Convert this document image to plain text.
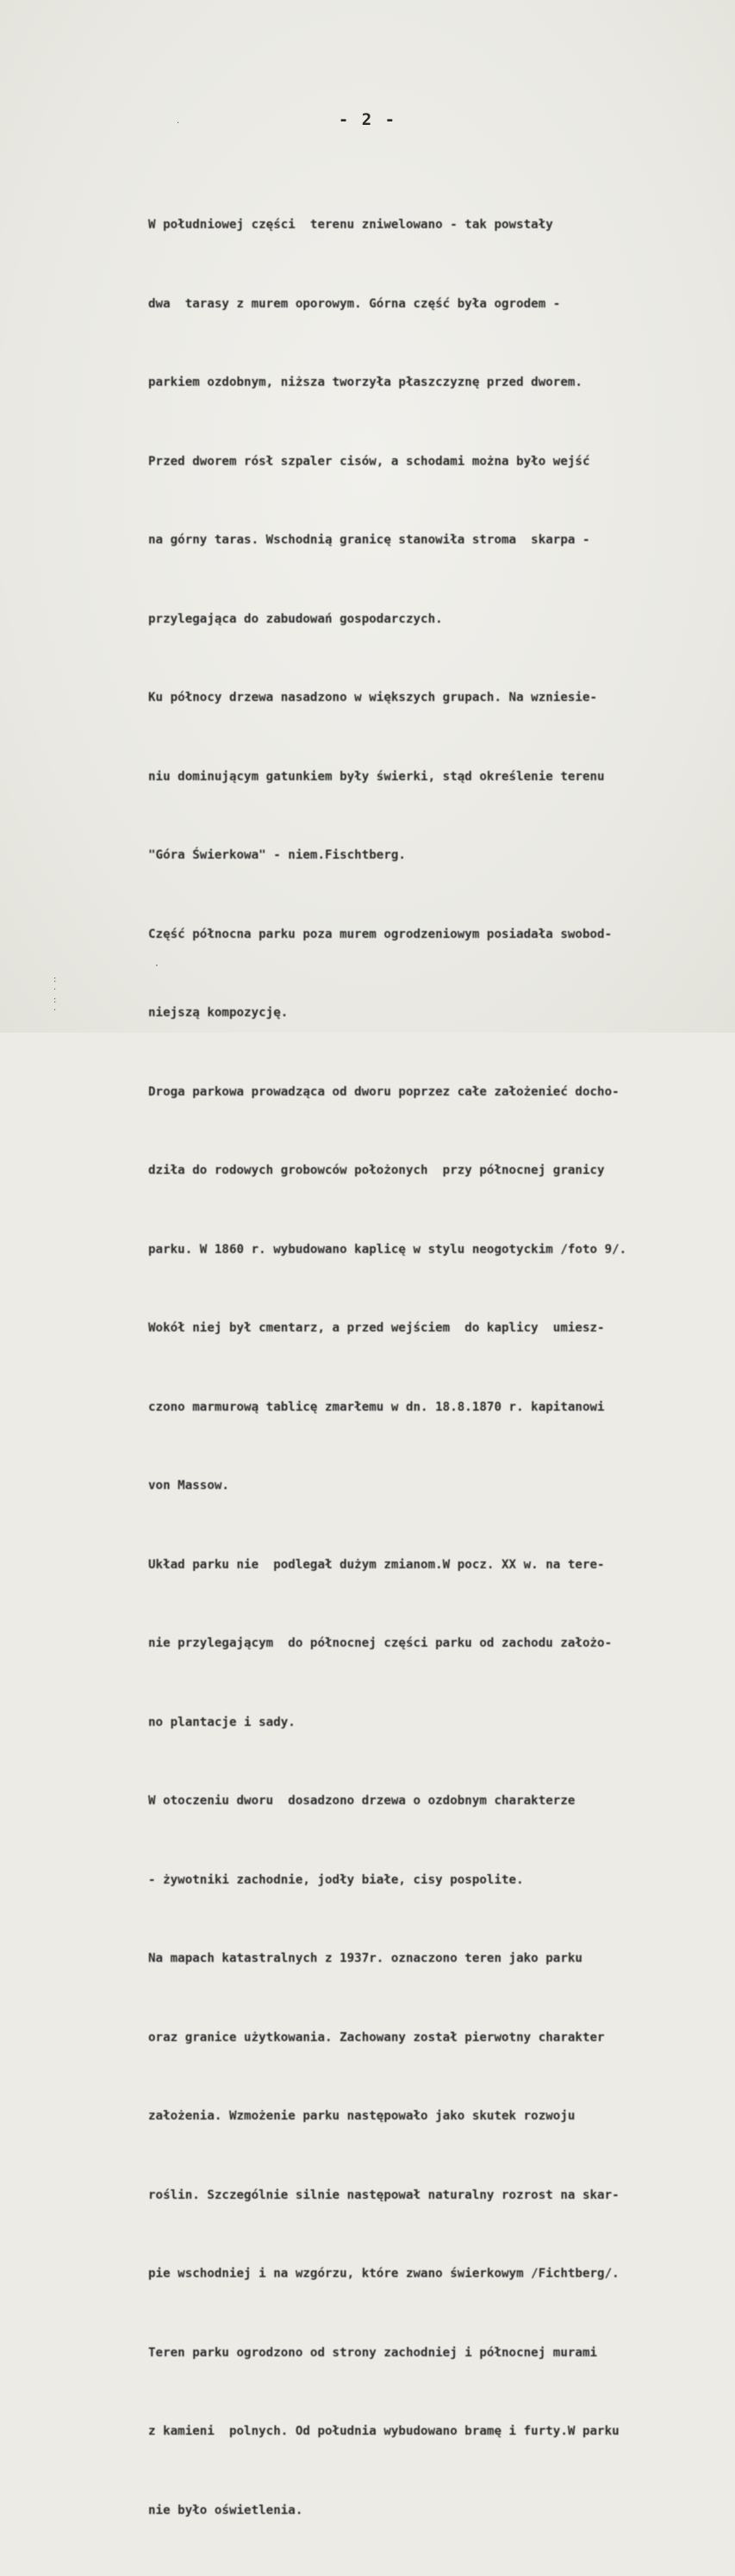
- 2 -

W południowej części  terenu zniwelowano - tak powstały

dwa  tarasy z murem oporowym. Górna część była ogrodem -

parkiem ozdobnym, niższa tworzyła płaszczyznę przed dworem.

Przed dworem rósł szpaler cisów, a schodami można było wejść

na górny taras. Wschodnią granicę stanowiła stroma  skarpa -

przylegająca do zabudowań gospodarczych.

Ku północy drzewa nasadzono w większych grupach. Na wzniesie-

niu dominującym gatunkiem były świerki, stąd określenie terenu

"Góra Świerkowa" - niem.Fischtberg.

Część północna parku poza murem ogrodzeniowym posiadała swobod-

niejszą kompozycję.

Droga parkowa prowadząca od dworu poprzez całe założenieć docho-

dziła do rodowych grobowców położonych  przy północnej granicy

parku. W 1860 r. wybudowano kaplicę w stylu neogotyckim /foto 9/.

Wokół niej był cmentarz, a przed wejściem  do kaplicy  umiesz-

czono marmurową tablicę zmarłemu w dn. 18.8.1870 r. kapitanowi

von Massow.

Układ parku nie  podlegał dużym zmianom.W pocz. XX w. na tere-

nie przylegającym  do północnej części parku od zachodu założo-

no plantacje i sady.

W otoczeniu dworu  dosadzono drzewa o ozdobnym charakterze

- żywotniki zachodnie, jodły białe, cisy pospolite.

Na mapach katastralnych z 1937r. oznaczono teren jako parku

oraz granice użytkowania. Zachowany został pierwotny charakter

założenia. Wzmożenie parku następowało jako skutek rozwoju

roślin. Szczególnie silnie następował naturalny rozrost na skar-

pie wschodniej i na wzgórzu, które zwano świerkowym /Fichtberg/.

Teren parku ogrodzono od strony zachodniej i północnej murami

z kamieni  polnych. Od południa wybudowano bramę i furty.W parku

nie było oświetlenia.

·
:
·
:
·
·
